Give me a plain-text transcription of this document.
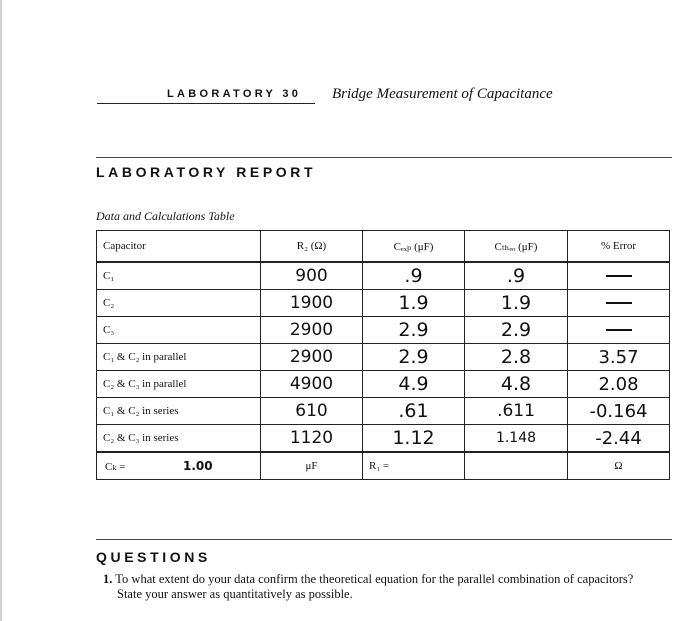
LABORATORY 30 Bridge Measurement of Capacitance
LABORATORY REPORT
Data and Calculations Table
Capacitor	R₂ (Ω)	Cₑₓₚ (μF)	Cₜₕₑₒ (μF)	% Error
C₁	900	.9	.9	
C₂	1900	1.9	1.9	
C₃	2900	2.9	2.9	
C₁ & C₂ in parallel	2900	2.9	2.8	3.57
C₂ & C₃ in parallel	4900	4.9	4.8	2.08
C₁ & C₂ in series	610	.61	.611	-0.164
C₂ & C₃ in series	1120	1.12	1.148	-2.44

Cₖ = 1.00	μF	R₁ =		Ω
QUESTIONS
1. To what extent do your data confirm the theoretical equation for the parallel combination of capacitors?
State your answer as quantitatively as possible.
